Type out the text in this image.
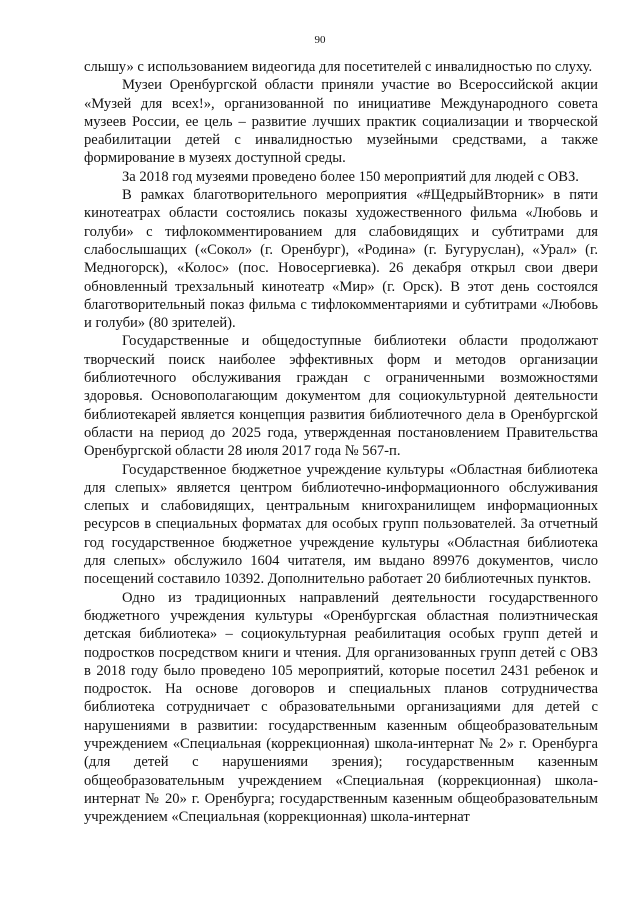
90

слышу» с использованием видеогида для посетителей с инвалидностью по слуху.

Музеи Оренбургской области приняли участие во Всероссийской акции «Музей для всех!», организованной по инициативе Международного совета музеев России, ее цель – развитие лучших практик социализации и творческой реабилитации детей с инвалидностью музейными средствами, а также формирование в музеях доступной среды.

За 2018 год музеями проведено более 150 мероприятий для людей с ОВЗ.

В рамках благотворительного мероприятия «#ЩедрыйВторник» в пяти кинотеатрах области состоялись показы художественного фильма «Любовь и голуби» с тифлокомментированием для слабовидящих и субтитрами для слабослышащих («Сокол» (г. Оренбург), «Родина» (г. Бугуруслан), «Урал» (г. Медногорск), «Колос» (пос. Новосергиевка). 26 декабря открыл свои двери обновленный трехзальный кинотеатр «Мир» (г. Орск). В этот день состоялся благотворительный показ фильма с тифлокомментариями и субтитрами «Любовь и голуби» (80 зрителей).

Государственные и общедоступные библиотеки области продолжают творческий поиск наиболее эффективных форм и методов организации библиотечного обслуживания граждан с ограниченными возможностями здоровья. Основополагающим документом для социокультурной деятельности библиотекарей является концепция развития библиотечного дела в Оренбургской области на период до 2025 года, утвержденная постановлением Правительства Оренбургской области 28 июля 2017 года № 567-п.

Государственное бюджетное учреждение культуры «Областная библиотека для слепых» является центром библиотечно-информационного обслуживания слепых и слабовидящих, центральным книгохранилищем информационных ресурсов в специальных форматах для особых групп пользователей. За отчетный год государственное бюджетное учреждение культуры «Областная библиотека для слепых» обслужило 1604 читателя, им выдано 89976 документов, число посещений составило 10392. Дополнительно работает 20 библиотечных пунктов.

Одно из традиционных направлений деятельности государственного бюджетного учреждения культуры «Оренбургская областная полиэтническая детская библиотека» – социокультурная реабилитация особых групп детей и подростков посредством книги и чтения. Для организованных групп детей с ОВЗ в 2018 году было проведено 105 мероприятий, которые посетил 2431 ребенок и подросток. На основе договоров и специальных планов сотрудничества библиотека сотрудничает с образовательными организациями для детей с нарушениями в развитии: государственным казенным общеобразовательным учреждением «Специальная (коррекционная) школа-интернат № 2» г. Оренбурга (для детей с нарушениями зрения); государственным казенным общеобразовательным учреждением «Специальная (коррекционная) школа-интернат № 20» г. Оренбурга; государственным казенным общеобразовательным учреждением «Специальная (коррекционная) школа-интернат
